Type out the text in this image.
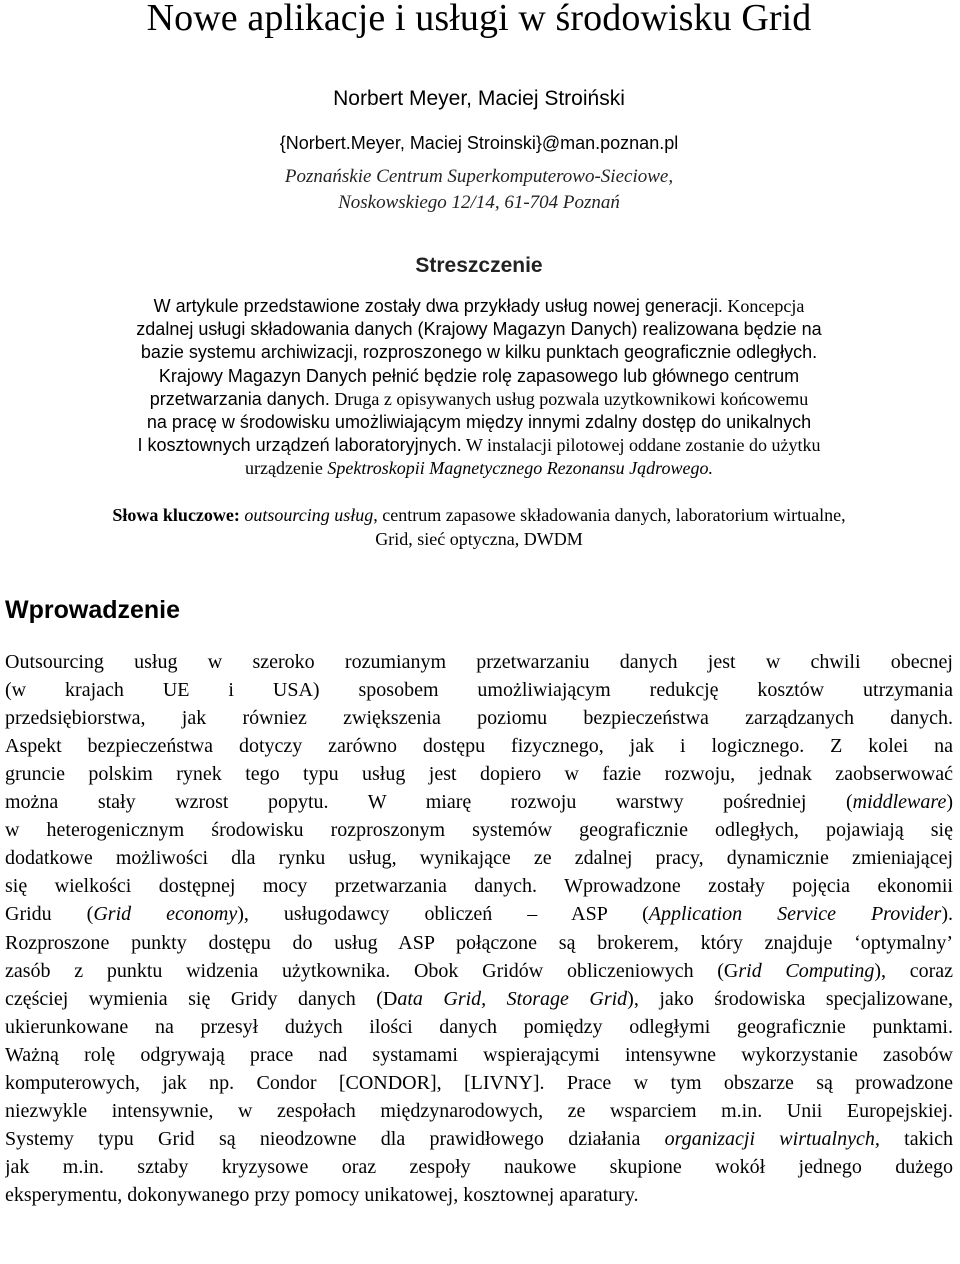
Nowe aplikacje i usługi w środowisku Grid
Norbert Meyer, Maciej Stroiński
{Norbert.Meyer, Maciej Stroinski}@man.poznan.pl
Poznańskie Centrum Superkomputerowo-Sieciowe,
Noskowskiego 12/14, 61-704 Poznań
Streszczenie
W artykule przedstawione zostały dwa przykłady usług nowej generacji. Koncepcja
zdalnej usługi składowania danych (Krajowy Magazyn Danych) realizowana będzie na
bazie systemu archiwizacji, rozproszonego w kilku punktach geograficznie odległych.
Krajowy Magazyn Danych pełnić będzie rolę zapasowego lub głównego centrum
przetwarzania danych. Druga z opisywanych usług pozwala uzytkownikowi końcowemu
na pracę w środowisku umożliwiającym między innymi zdalny dostęp do unikalnych
I kosztownych urządzeń laboratoryjnych. W instalacji pilotowej oddane zostanie do użytku
urządzenie Spektroskopii Magnetycznego Rezonansu Jądrowego.
Słowa kluczowe: outsourcing usług, centrum zapasowe składowania danych, laboratorium wirtualne,
Grid, sieć optyczna, DWDM
Wprowadzenie
Outsourcing usług w szeroko rozumianym przetwarzaniu danych jest w chwili obecnej
(w krajach UE i USA) sposobem umożliwiającym redukcję kosztów utrzymania
przedsiębiorstwa, jak równiez zwiększenia poziomu bezpieczeństwa zarządzanych danych.
Aspekt bezpieczeństwa dotyczy zarówno dostępu fizycznego, jak i logicznego. Z kolei na
gruncie polskim rynek tego typu usług jest dopiero w fazie rozwoju, jednak zaobserwować
można stały wzrost popytu. W miarę rozwoju warstwy pośredniej (middleware)
w heterogenicznym środowisku rozproszonym systemów geograficznie odległych, pojawiają się
dodatkowe możliwości dla rynku usług, wynikające ze zdalnej pracy, dynamicznie zmieniającej
się wielkości dostępnej mocy przetwarzania danych. Wprowadzone zostały pojęcia ekonomii
Gridu (Grid economy), usługodawcy obliczeń – ASP (Application Service Provider).
Rozproszone punkty dostępu do usług ASP połączone są brokerem, który znajduje ‘optymalny’
zasób z punktu widzenia użytkownika. Obok Gridów obliczeniowych (Grid Computing), coraz
częściej wymienia się Gridy danych (Data Grid, Storage Grid), jako środowiska specjalizowane,
ukierunkowane na przesył dużych ilości danych pomiędzy odległymi geograficznie punktami.
Ważną rolę odgrywają prace nad systamami wspierającymi intensywne wykorzystanie zasobów
komputerowych, jak np. Condor [CONDOR], [LIVNY]. Prace w tym obszarze są prowadzone
niezwykle intensywnie, w zespołach międzynarodowych, ze wsparciem m.in. Unii Europejskiej.
Systemy typu Grid są nieodzowne dla prawidłowego działania organizacji wirtualnych, takich
jak m.in. sztaby kryzysowe oraz zespoły naukowe skupione wokół jednego dużego
eksperymentu, dokonywanego przy pomocy unikatowej, kosztownej aparatury.
